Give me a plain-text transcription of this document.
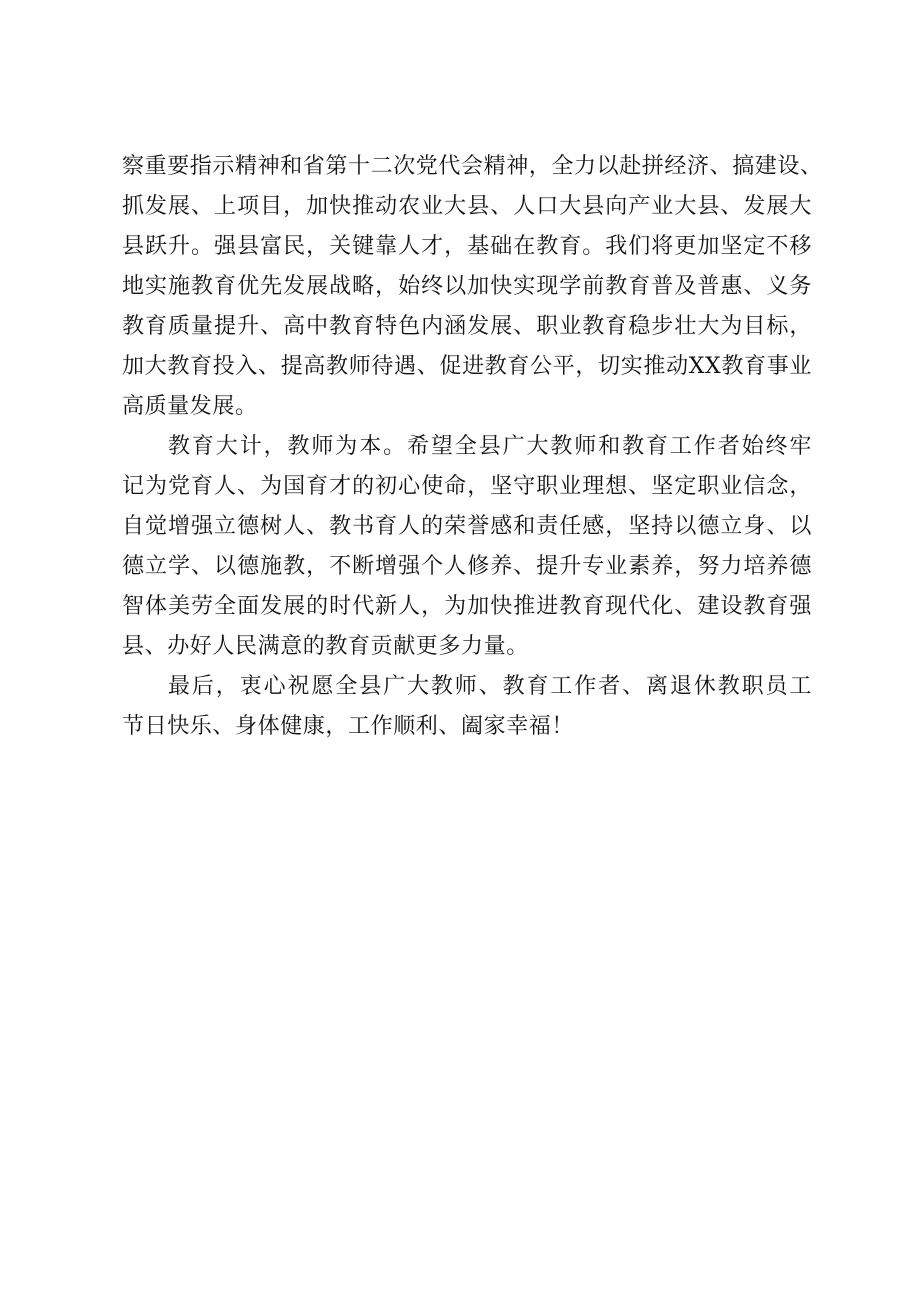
察重要指示精神和省第十二次党代会精神，全力以赴拼经济、搞建设、
抓发展、上项目，加快推动农业大县、人口大县向产业大县、发展大
县跃升。强县富民，关键靠人才，基础在教育。我们将更加坚定不移
地实施教育优先发展战略，始终以加快实现学前教育普及普惠、义务
教育质量提升、高中教育特色内涵发展、职业教育稳步壮大为目标，
加大教育投入、提高教师待遇、促进教育公平，切实推动XX教育事业
高质量发展。
教育大计，教师为本。希望全县广大教师和教育工作者始终牢
记为党育人、为国育才的初心使命，坚守职业理想、坚定职业信念，
自觉增强立德树人、教书育人的荣誉感和责任感，坚持以德立身、以
德立学、以德施教，不断增强个人修养、提升专业素养，努力培养德
智体美劳全面发展的时代新人，为加快推进教育现代化、建设教育强
县、办好人民满意的教育贡献更多力量。
最后，衷心祝愿全县广大教师、教育工作者、离退休教职员工
节日快乐、身体健康，工作顺利、阖家幸福！
